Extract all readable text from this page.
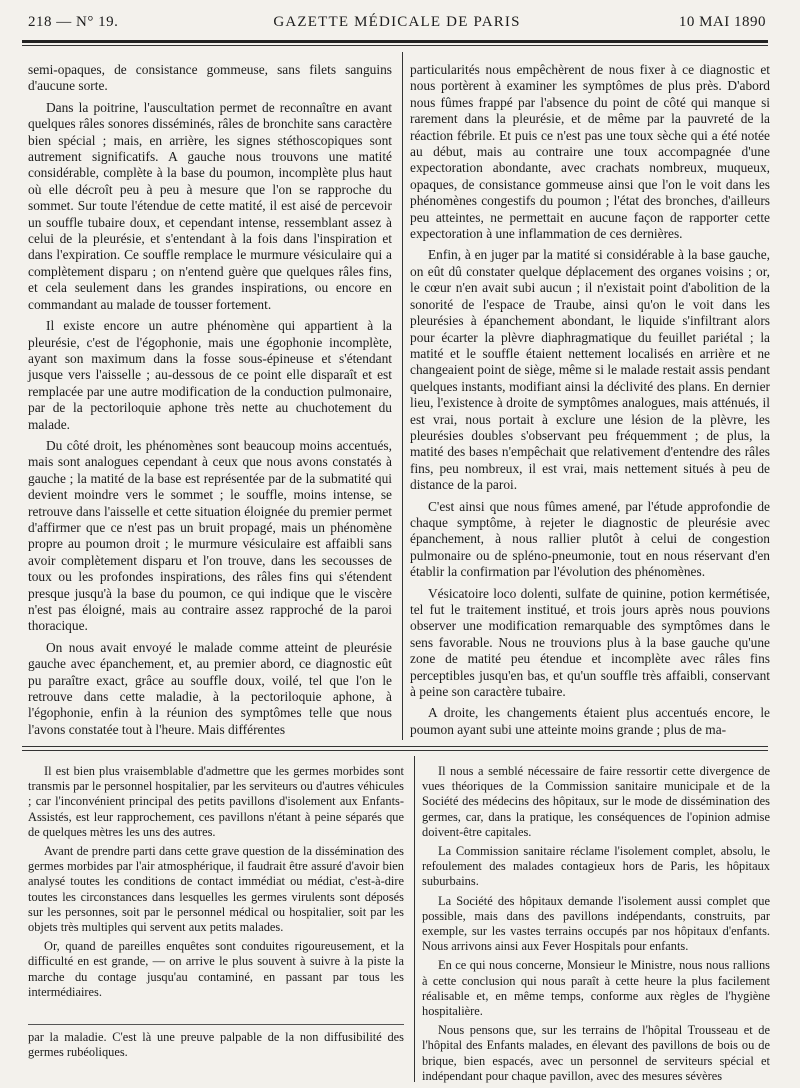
218 — N° 19.	GAZETTE MÉDICALE DE PARIS	10 MAI 1890

semi-opaques, de consistance gommeuse, sans filets sanguins d'aucune sorte.

Dans la poitrine, l'auscultation permet de reconnaître en avant quelques râles sonores disséminés, râles de bronchite sans caractère bien spécial ; mais, en arrière, les signes stéthoscopiques sont autrement significatifs. A gauche nous trouvons une matité considérable, complète à la base du poumon, incomplète plus haut où elle décroît peu à peu à mesure que l'on se rapproche du sommet. Sur toute l'étendue de cette matité, il est aisé de percevoir un souffle tubaire doux, et cependant intense, ressemblant assez à celui de la pleurésie, et s'entendant à la fois dans l'inspiration et dans l'expiration. Ce souffle remplace le murmure vésiculaire qui a complètement disparu ; on n'entend guère que quelques râles fins, et cela seulement dans les grandes inspirations, ou encore en commandant au malade de tousser fortement.

Il existe encore un autre phénomène qui appartient à la pleurésie, c'est de l'égophonie, mais une égophonie incomplète, ayant son maximum dans la fosse sous-épineuse et s'étendant jusque vers l'aisselle ; au-dessous de ce point elle disparaît et est remplacée par une autre modification de la conduction pulmonaire, par de la pectoriloquie aphone très nette au chuchotement du malade.

Du côté droit, les phénomènes sont beaucoup moins accentués, mais sont analogues cependant à ceux que nous avons constatés à gauche ; la matité de la base est représentée par de la submatité qui devient moindre vers le sommet ; le souffle, moins intense, se retrouve dans l'aisselle et cette situation éloignée du premier permet d'affirmer que ce n'est pas un bruit propagé, mais un phénomène propre au poumon droit ; le murmure vésiculaire est affaibli sans avoir complètement disparu et l'on trouve, dans les secousses de toux ou les profondes inspirations, des râles fins qui s'étendent presque jusqu'à la base du poumon, ce qui indique que le viscère n'est pas éloigné, mais au contraire assez rapproché de la paroi thoracique.

On nous avait envoyé le malade comme atteint de pleurésie gauche avec épanchement, et, au premier abord, ce diagnostic eût pu paraître exact, grâce au souffle doux, voilé, tel que l'on le retrouve dans cette maladie, à la pectoriloquie aphone, à l'égophonie, enfin à la réunion des symptômes telle que nous l'avons constatée tout à l'heure. Mais différentes

particularités nous empêchèrent de nous fixer à ce diagnostic et nous portèrent à examiner les symptômes de plus près. D'abord nous fûmes frappé par l'absence du point de côté qui manque si rarement dans la pleurésie, et de même par la pauvreté de la réaction fébrile. Et puis ce n'est pas une toux sèche qui a été notée au début, mais au contraire une toux accompagnée d'une expectoration abondante, avec crachats nombreux, muqueux, opaques, de consistance gommeuse ainsi que l'on le voit dans les phénomènes congestifs du poumon ; l'état des bronches, d'ailleurs peu atteintes, ne permettait en aucune façon de rapporter cette expectoration à une inflammation de ces dernières.

Enfin, à en juger par la matité si considérable à la base gauche, on eût dû constater quelque déplacement des organes voisins ; or, le cœur n'en avait subi aucun ; il n'existait point d'abolition de la sonorité de l'espace de Traube, ainsi qu'on le voit dans les pleurésies à épanchement abondant, le liquide s'infiltrant alors pour écarter la plèvre diaphragmatique du feuillet pariétal ; la matité et le souffle étaient nettement localisés en arrière et ne changeaient point de siège, même si le malade restait assis pendant quelques instants, modifiant ainsi la déclivité des plans. En dernier lieu, l'existence à droite de symptômes analogues, mais atténués, il est vrai, nous portait à exclure une lésion de la plèvre, les pleurésies doubles s'observant peu fréquemment ; de plus, la matité des bases n'empêchait que relativement d'entendre des râles fins, peu nombreux, il est vrai, mais nettement situés à peu de distance de la paroi.

C'est ainsi que nous fûmes amené, par l'étude approfondie de chaque symptôme, à rejeter le diagnostic de pleurésie avec épanchement, à nous rallier plutôt à celui de congestion pulmonaire ou de spléno-pneumonie, tout en nous réservant d'en établir la confirmation par l'évolution des phénomènes.

Vésicatoire loco dolenti, sulfate de quinine, potion kermétisée, tel fut le traitement institué, et trois jours après nous pouvions observer une modification remarquable des symptômes dans le sens favorable. Nous ne trouvions plus à la base gauche qu'une zone de matité peu étendue et incomplète avec râles fins perceptibles jusqu'en bas, et qu'un souffle très affaibli, conservant à peine son caractère tubaire.

A droite, les changements étaient plus accentués encore, le poumon ayant subi une atteinte moins grande ; plus de ma-

Il est bien plus vraisemblable d'admettre que les germes morbides sont transmis par le personnel hospitalier, par les serviteurs ou d'autres véhicules ; car l'inconvénient principal des petits pavillons d'isolement aux Enfants-Assistés, est leur rapprochement, ces pavillons n'étant à peine séparés que de quelques mètres les uns des autres.

Avant de prendre parti dans cette grave question de la dissémination des germes morbides par l'air atmosphérique, il faudrait être assuré d'avoir bien analysé toutes les conditions de contact immédiat ou médiat, c'est-à-dire toutes les circonstances dans lesquelles les germes virulents sont déposés sur les personnes, soit par le personnel médical ou hospitalier, soit par les objets très multiples qui servent aux petits malades.

Or, quand de pareilles enquêtes sont conduites rigoureusement, et la difficulté en est grande, — on arrive le plus souvent à suivre à la piste la marche du contage jusqu'au contaminé, en passant par tous les intermédiaires.

Il nous a semblé nécessaire de faire ressortir cette divergence de vues théoriques de la Commission sanitaire municipale et de la Société des médecins des hôpitaux, sur le mode de dissémination des germes, car, dans la pratique, les conséquences de l'opinion admise doivent-être capitales.

La Commission sanitaire réclame l'isolement complet, absolu, le refoulement des malades contagieux hors de Paris, les hôpitaux suburbains.

La Société des hôpitaux demande l'isolement aussi complet que possible, mais dans des pavillons indépendants, construits, par exemple, sur les vastes terrains occupés par nos hôpitaux d'enfants. Nous arrivons ainsi aux Fever Hospitals pour enfants.

En ce qui nous concerne, Monsieur le Ministre, nous nous rallions à cette conclusion qui nous paraît à cette heure la plus facilement réalisable et, en même temps, conforme aux règles de l'hygiène hospitalière.

Nous pensons que, sur les terrains de l'hôpital Trousseau et de l'hôpital des Enfants malades, en élevant des pavillons de bois ou de brique, bien espacés, avec un personnel de serviteurs spécial et indépendant pour chaque pavillon, avec des mesures sévères

par la maladie. C'est là une preuve palpable de la non diffusibilité des germes rubéoliques.
